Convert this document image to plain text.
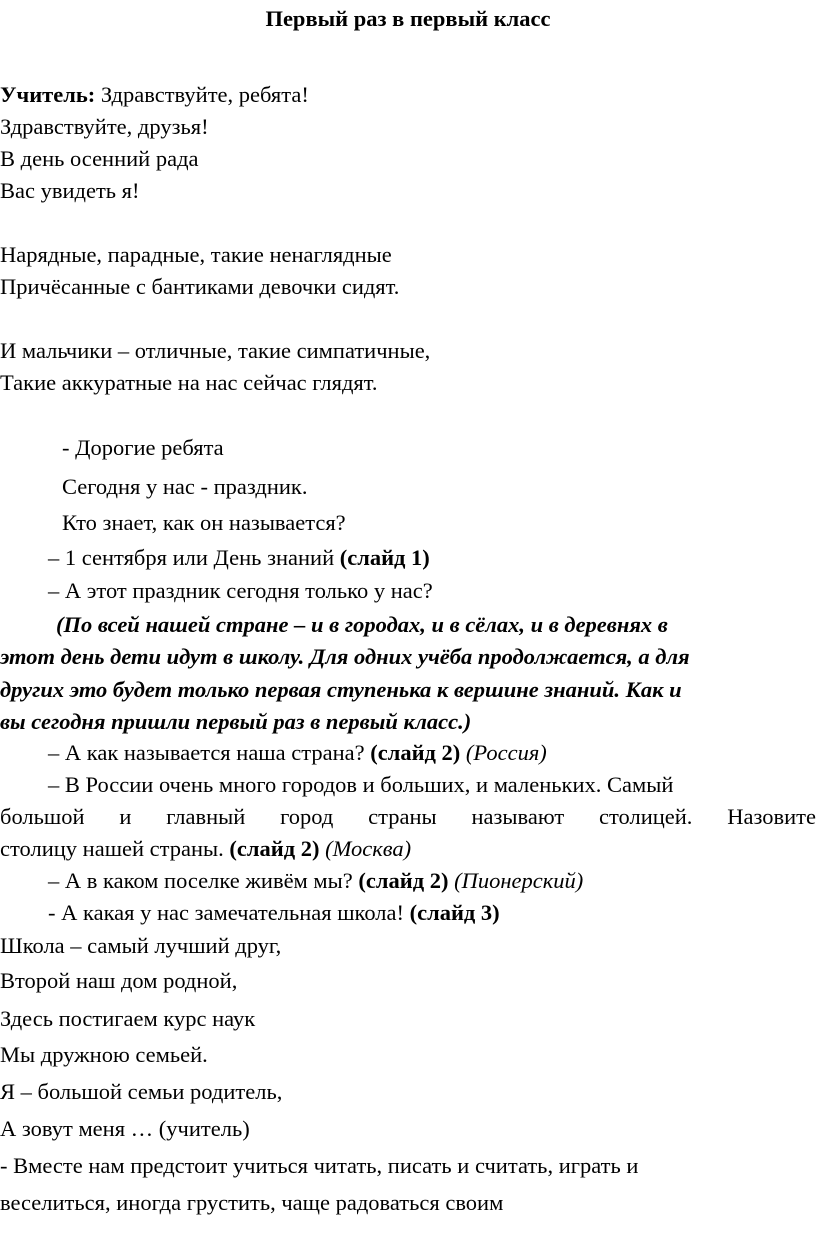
Первый раз в первый класс
Учитель: Здравствуйте, ребята!
Здравствуйте, друзья!
В день осенний рада
Вас увидеть я!
Нарядные, парадные, такие ненаглядные
Причёсанные с бантиками девочки сидят.
И мальчики – отличные, такие симпатичные,
Такие аккуратные на нас сейчас глядят.
- Дорогие ребята
Сегодня у нас - праздник.
Кто знает, как он называется?
– 1 сентября или День знаний (слайд 1)
– А этот праздник сегодня только у нас?
(По всей нашей стране – и в городах, и в сёлах, и в деревнях в
этот день дети идут в школу. Для одних учёба продолжается, а для
других это будет только первая ступенька к вершине знаний. Как и
вы сегодня пришли первый раз в первый класс.)
– А как называется наша страна? (слайд 2) (Россия)
– В России очень много городов и больших, и маленьких. Самый
большой и главный город страны называют столицей. Назовите
столицу нашей страны. (слайд 2) (Москва)
– А в каком поселке живём мы? (слайд 2) (Пионерский)
- А какая у нас замечательная школа! (слайд 3)
Школа – самый лучший друг,
Второй наш дом родной,
Здесь постигаем курс наук
Мы дружною семьей.
Я – большой семьи родитель,
А зовут меня … (учитель)
- Вместе нам предстоит учиться читать, писать и считать, играть и
веселиться, иногда грустить, чаще радоваться своим
